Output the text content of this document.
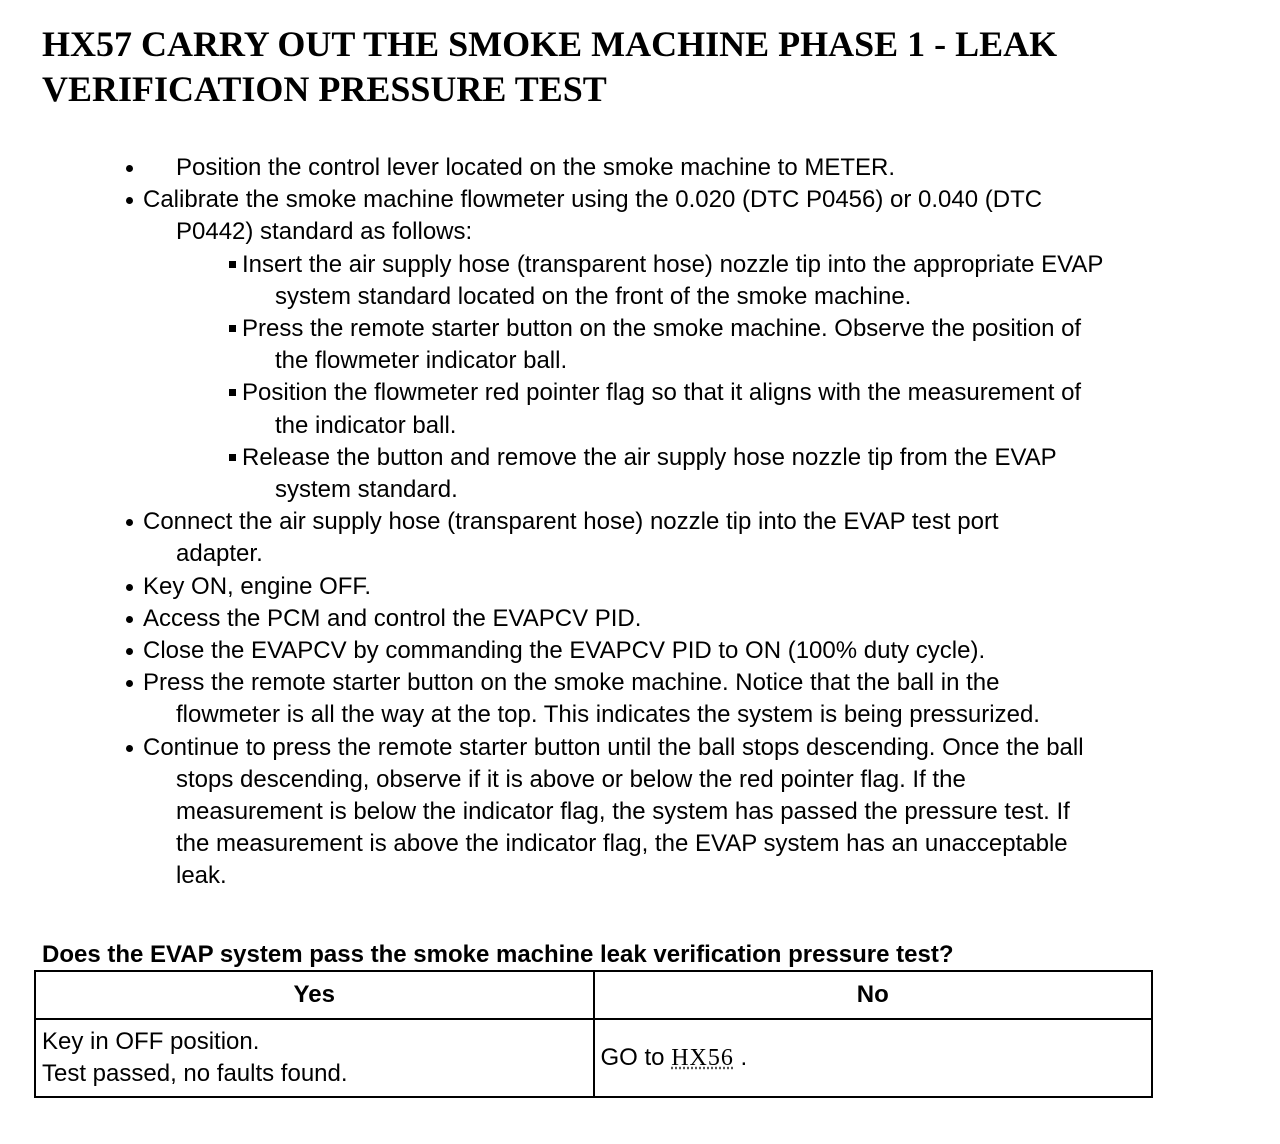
HX57 CARRY OUT THE SMOKE MACHINE PHASE 1 - LEAK
VERIFICATION PRESSURE TEST
Position the control lever located on the smoke machine to METER.
Calibrate the smoke machine flowmeter using the 0.020 (DTC P0456) or 0.040 (DTC
P0442) standard as follows:
Insert the air supply hose (transparent hose) nozzle tip into the appropriate EVAP
system standard located on the front of the smoke machine.
Press the remote starter button on the smoke machine. Observe the position of
the flowmeter indicator ball.
Position the flowmeter red pointer flag so that it aligns with the measurement of
the indicator ball.
Release the button and remove the air supply hose nozzle tip from the EVAP
system standard.
Connect the air supply hose (transparent hose) nozzle tip into the EVAP test port
adapter.
Key ON, engine OFF.
Access the PCM and control the EVAPCV PID.
Close the EVAPCV by commanding the EVAPCV PID to ON (100% duty cycle).
Press the remote starter button on the smoke machine. Notice that the ball in the
flowmeter is all the way at the top. This indicates the system is being pressurized.
Continue to press the remote starter button until the ball stops descending. Once the ball
stops descending, observe if it is above or below the red pointer flag. If the
measurement is below the indicator flag, the system has passed the pressure test. If
the measurement is above the indicator flag, the EVAP system has an unacceptable
leak.

Does the EVAP system pass the smoke machine leak verification pressure test?

Yes	No

Key in OFF position.
Test passed, no faults found.	GO to HX56 .
